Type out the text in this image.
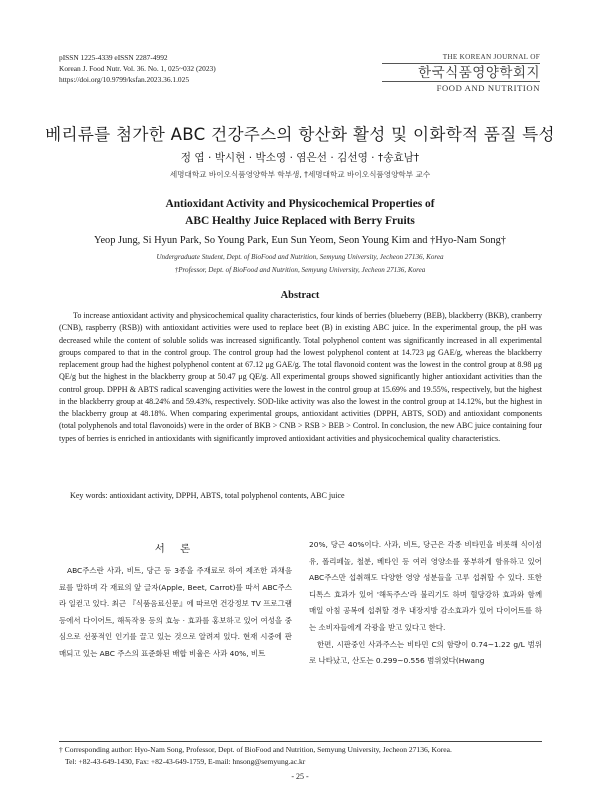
pISSN 1225-4339 eISSN 2287-4992
Korean J. Food Nutr. Vol. 36. No. 1, 025~032 (2023)
https://doi.org/10.9799/ksfan.2023.36.1.025
THE KOREAN JOURNAL OF
한국식품영양학회지
FOOD AND NUTRITION
베리류를 첨가한 ABC 건강주스의 항산화 활성 및 이화학적 품질 특성
정 엽 · 박시현 · 박소영 · 염은선 · 김선영 · †송효남†
세명대학교 바이오식품영양학부 학부생, †세명대학교 바이오식품영양학부 교수
Antioxidant Activity and Physicochemical Properties of
ABC Healthy Juice Replaced with Berry Fruits
Yeop Jung, Si Hyun Park, So Young Park, Eun Sun Yeom, Seon Young Kim and †Hyo-Nam Song†
Undergraduate Student, Dept. of BioFood and Nutrition, Semyung University, Jecheon 27136, Korea
†Professor, Dept. of BioFood and Nutrition, Semyung University, Jecheon 27136, Korea
Abstract
To increase antioxidant activity and physicochemical quality characteristics, four kinds of berries (blueberry (BEB), blackberry (BKB), cranberry (CNB), raspberry (RSB)) with antioxidant activities were used to replace beet (B) in existing ABC juice. In the experimental group, the pH was decreased while the content of soluble solids was increased significantly. Total polyphenol content was significantly increased in all experimental groups compared to that in the control group. The control group had the lowest polyphenol content at 14.723 μg GAE/g, whereas the blackberry replacement group had the highest polyphenol content at 67.12 μg GAE/g. The total flavonoid content was the lowest in the control group at 8.98 μg QE/g but the highest in the blackberry group at 50.47 μg QE/g. All experimental groups showed significantly higher antioxidant activities than the control group. DPPH & ABTS radical scavenging activities were the lowest in the control group at 15.69% and 19.55%, respectively, but the highest in the blackberry group at 48.24% and 59.43%, respectively. SOD-like activity was also the lowest in the control group at 14.12%, but the highest in the blackberry group at 48.18%. When comparing experimental groups, antioxidant activities (DPPH, ABTS, SOD) and antioxidant components (total polyphenols and total flavonoids) were in the order of BKB > CNB > RSB > BEB > Control. In conclusion, the new ABC juice containing four types of berries is enriched in antioxidants with significantly improved antioxidant activities and physicochemical quality characteristics.
Key words: antioxidant activity, DPPH, ABTS, total polyphenol contents, ABC juice
서 론
ABC주스란 사과, 비트, 당근 등 3종을 주재료로 하여 제조한 과채음료를 말하며 각 재료의 앞 글자(Apple, Beet, Carrot)를 따서 ABC주스라 일컫고 있다. 최근 『식품음료신문』에 따르면 건강정보 TV 프로그램 등에서 다이어트, 해독작용 등의 효능 · 효과를 홍보하고 있어 여성을 중심으로 선풍적인 인기를 끌고 있는 것으로 알려져 있다. 현재 시중에 판매되고 있는 ABC 주스의 표준화된 배합 비율은 사과 40%, 비트
20%, 당근 40%이다. 사과, 비트, 당근은 각종 비타민을 비롯해 식이섬유, 폴리페놀, 철분, 베타인 등 여러 영양소를 풍부하게 함유하고 있어 ABC주스만 섭취해도 다양한 영양 성분들을 고루 섭취할 수 있다. 또한 디톡스 효과가 있어 '해독주스'라 불리기도 하며 혈당강하 효과와 함께 매일 아침 공복에 섭취할 경우 내장지방 감소효과가 있어 다이어트를 하는 소비자들에게 각광을 받고 있다고 한다.
한편, 시판중인 사과주스는 비타민 C의 함량이 0.74~1.22 g/L 범위로 나타났고, 산도는 0.299~0.556 범위였다(Hwang
† Corresponding author: Hyo-Nam Song, Professor, Dept. of BioFood and Nutrition, Semyung University, Jecheon 27136, Korea.
Tel: +82-43-649-1430, Fax: +82-43-649-1759, E-mail: hnsong@semyung.ac.kr
- 25 -
